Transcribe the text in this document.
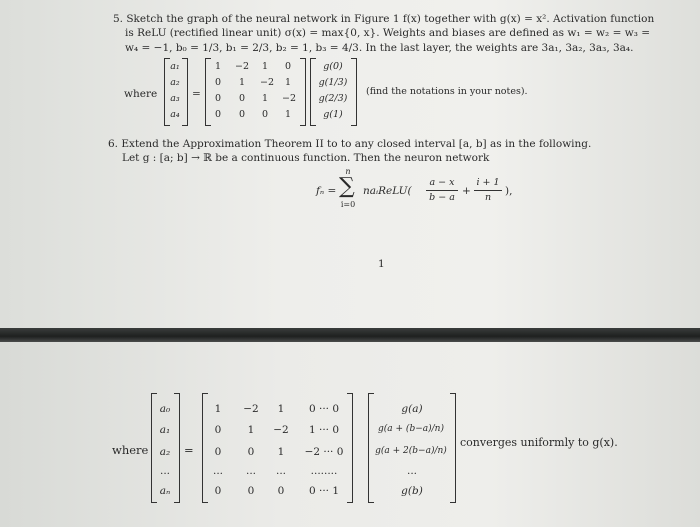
5. Sketch the graph of the neural network in Figure 1 f(x) together with g(x) = x². Activation function
is ReLU (rectified linear unit) σ(x) = max{0, x}. Weights and biases are defined as w₁ = w₂ = w₃ =
w₄ = −1, b₀ = 1/3, b₁ = 2/3, b₂ = 1, b₃ = 4/3. In the last layer, the weights are 3a₁, 3a₂, 3a₃, 3a₄.
where
a₁
a₂
a₃
a₄
=
1	−2	1	0
0	1	−2	1
0	0	1	−2
0	0	0	1
g(0)
g(1/3)
g(2/3)
g(1)
(find the notations in your notes).
6. Extend the Approximation Theorem II to to any closed interval [a, b] as in the following.
Let g : [a; b] → ℝ be a continuous function. Then the neuron network
fₙ =
n
∑
i=0
naᵢReLU(
a − x
b − a
+
i + 1
n
),
1
where
a₀
a₁
a₂
...
aₙ
=
1	−2	1	0 ··· 0
0	1	−2	1 ··· 0
0	0	1	−2 ··· 0
...	...	...	........
0	0	0	0 ··· 1
g(a)
g(a + (b−a)/n)
g(a + 2(b−a)/n)
...
g(b)
converges uniformly to g(x).
